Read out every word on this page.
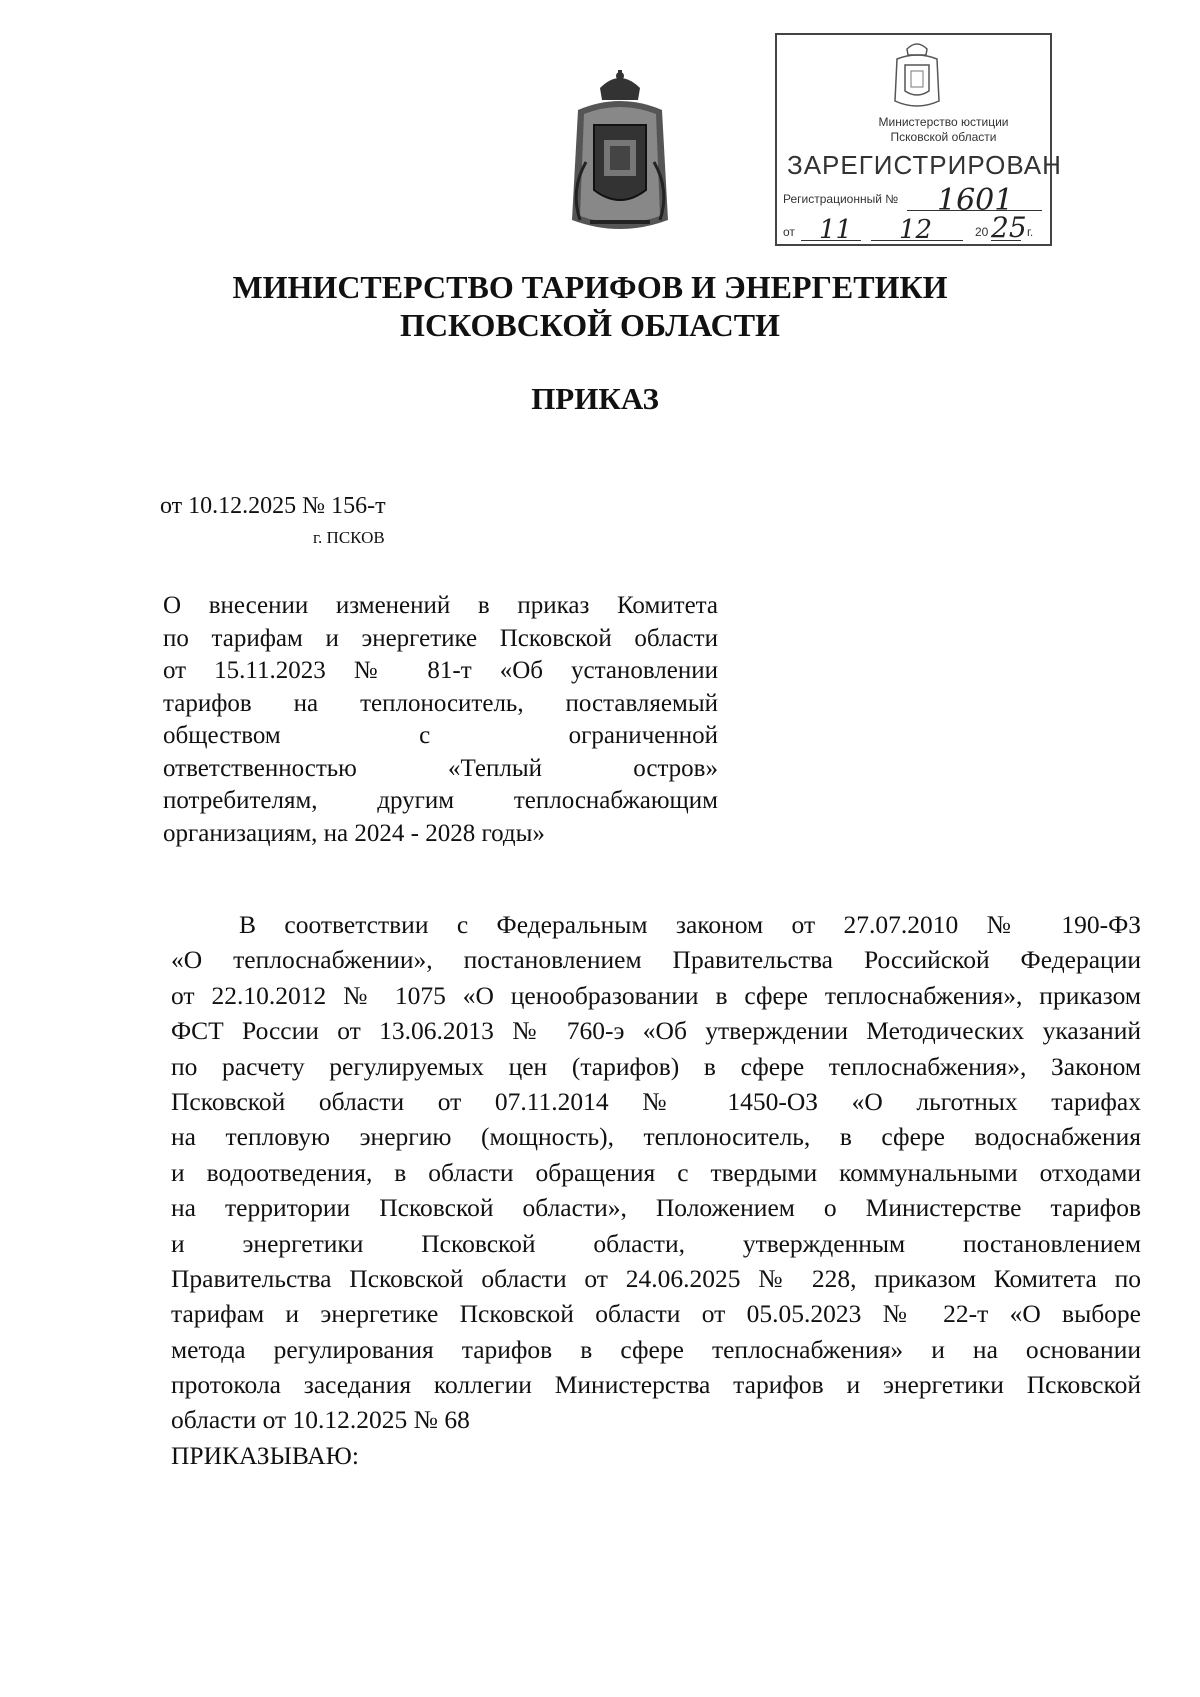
Министерство юстиции
Псковской области
ЗАРЕГИСТРИРОВАН
Регистрационный № 1601
от 11 12	20 25 г.
МИНИСТЕРСТВО ТАРИФОВ И ЭНЕРГЕТИКИ
ПСКОВСКОЙ ОБЛАСТИ
ПРИКАЗ
от 10.12.2025 № 156-т
г. ПСКОВ
О внесении изменений в приказ Комитета
по тарифам и энергетике Псковской области
от 15.11.2023 № 81-т «Об установлении
тарифов на теплоноситель, поставляемый
обществом с ограниченной
ответственностью «Теплый остров»
потребителям, другим теплоснабжающим
организациям, на 2024 - 2028 годы»
В соответствии с Федеральным законом от 27.07.2010 № 190-ФЗ
«О теплоснабжении», постановлением Правительства Российской Федерации
от 22.10.2012 № 1075 «О ценообразовании в сфере теплоснабжения», приказом
ФСТ России от 13.06.2013 № 760-э «Об утверждении Методических указаний
по расчету регулируемых цен (тарифов) в сфере теплоснабжения», Законом
Псковской области от 07.11.2014 № 1450-ОЗ «О льготных тарифах
на тепловую энергию (мощность), теплоноситель, в сфере водоснабжения
и водоотведения, в области обращения с твердыми коммунальными отходами
на территории Псковской области», Положением о Министерстве тарифов
и энергетики Псковской области, утвержденным постановлением
Правительства Псковской области от 24.06.2025 № 228, приказом Комитета по
тарифам и энергетике Псковской области от 05.05.2023 № 22-т «О выборе
метода регулирования тарифов в сфере теплоснабжения» и на основании
протокола заседания коллегии Министерства тарифов и энергетики Псковской
области от 10.12.2025 № 68
ПРИКАЗЫВАЮ:
